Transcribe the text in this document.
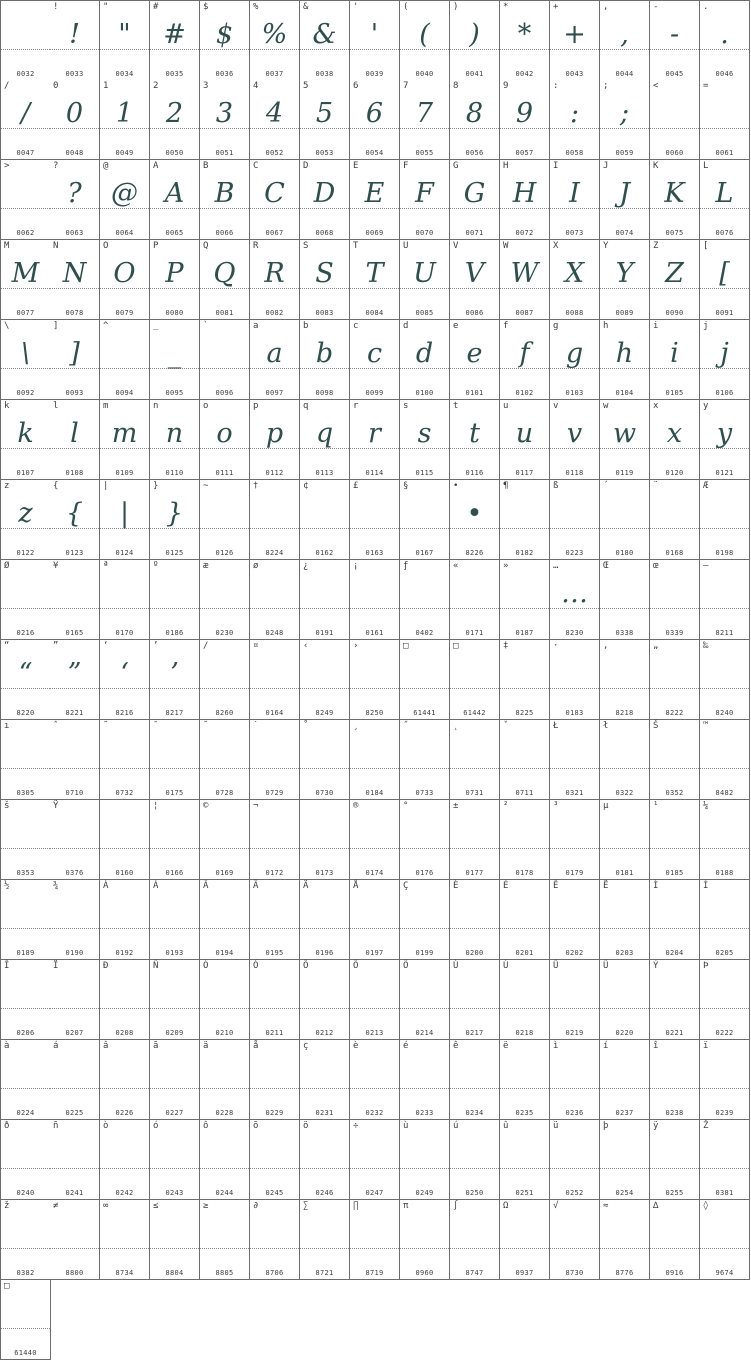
0032
!
!
0033
"
"
0034
#
#
0035
$
$
0036
%
%
0037
&
&
0038
'
'
0039
(
(
0040
)
)
0041
*
*
0042
+
+
0043
,
,
0044
-
-
0045
.
.
0046
/
/
0047
0
0
0048
1
1
0049
2
2
0050
3
3
0051
4
4
0052
5
5
0053
6
6
0054
7
7
0055
8
8
0056
9
9
0057
:
:
0058
;
;
0059
<
0060
=
0061
>
0062
?
?
0063
@
@
0064
A
A
0065
B
B
0066
C
C
0067
D
D
0068
E
E
0069
F
F
0070
G
G
0071
H
H
0072
I
I
0073
J
J
0074
K
K
0075
L
L
0076
M
M
0077
N
N
0078
O
O
0079
P
P
0080
Q
Q
0081
R
R
0082
S
S
0083
T
T
0084
U
U
0085
V
V
0086
W
W
0087
X
X
0088
Y
Y
0089
Z
Z
0090
[
[
0091
\
\
0092
]
]
0093
^
0094
_
_
0095
`
0096
a
a
0097
b
b
0098
c
c
0099
d
d
0100
e
e
0101
f
f
0102
g
g
0103
h
h
0104
i
i
0105
j
j
0106
k
k
0107
l
l
0108
m
m
0109
n
n
0110
o
o
0111
p
p
0112
q
q
0113
r
r
0114
s
s
0115
t
t
0116
u
u
0117
v
v
0118
w
w
0119
x
x
0120
y
y
0121
z
z
0122
{
{
0123
|
|
0124
}
}
0125
~
0126
†
8224
¢
0162
£
0163
§
0167
•
•
8226
¶
0182
ß
0223
´
0180
¨
0168
Æ
0198
Ø
0216
¥
0165
ª
0170
º
0186
æ
0230
ø
0248
¿
0191
¡
0161
ƒ
0402
«
0171
»
0187
…
…
8230
Œ
0338
œ
0339
–
8211
“
“
8220
”
”
8221
‘
‘
8216
’
’
8217
/
8260
¤
0164
‹
8249
›
8250
□
61441
□
61442
‡
8225
·
0183
‚
8218
„
8222
‰
8240
ı
0305
ˆ
0710
˜
0732
¯
0175
˘
0728
˙
0729
˚
0730
¸
0184
˝
0733
˛
0731
ˇ
0711
Ł
0321
ł
0322
Š
0352
™
8482
š
0353
Ÿ
0376	0160
¦
0166
©
0169
¬
0172	0173
®
0174
°
0176
±
0177
²
0178
³
0179
µ
0181
¹
0185
¼
0188
½
0189
¾
0190
À
0192
Á
0193
Â
0194
Ã
0195
Ä
0196
Å
0197
Ç
0199
È
0200
É
0201
Ê
0202
Ë
0203
Ì
0204
Í
0205
Î
0206
Ï
0207
Ð
0208
Ñ
0209
Ò
0210
Ó
0211
Ô
0212
Õ
0213
Ö
0214
Ù
0217
Ú
0218
Û
0219
Ü
0220
Ý
0221
Þ
0222
à
0224
á
0225
â
0226
ã
0227
ä
0228
å
0229
ç
0231
è
0232
é
0233
ê
0234
ë
0235
ì
0236
í
0237
î
0238
ï
0239
ð
0240
ñ
0241
ò
0242
ó
0243
ô
0244
õ
0245
ö
0246
÷
0247
ù
0249
ú
0250
û
0251
ü
0252
þ
0254
ÿ
0255
Ž
0381
ž
0382
≠
8800
∞
8734
≤
8804
≥
8805
∂
8706
∑
8721
∏
8719
π
0960
∫
8747
Ω
0937
√
8730
≈
8776
∆
0916
◊
9674
□
61440
